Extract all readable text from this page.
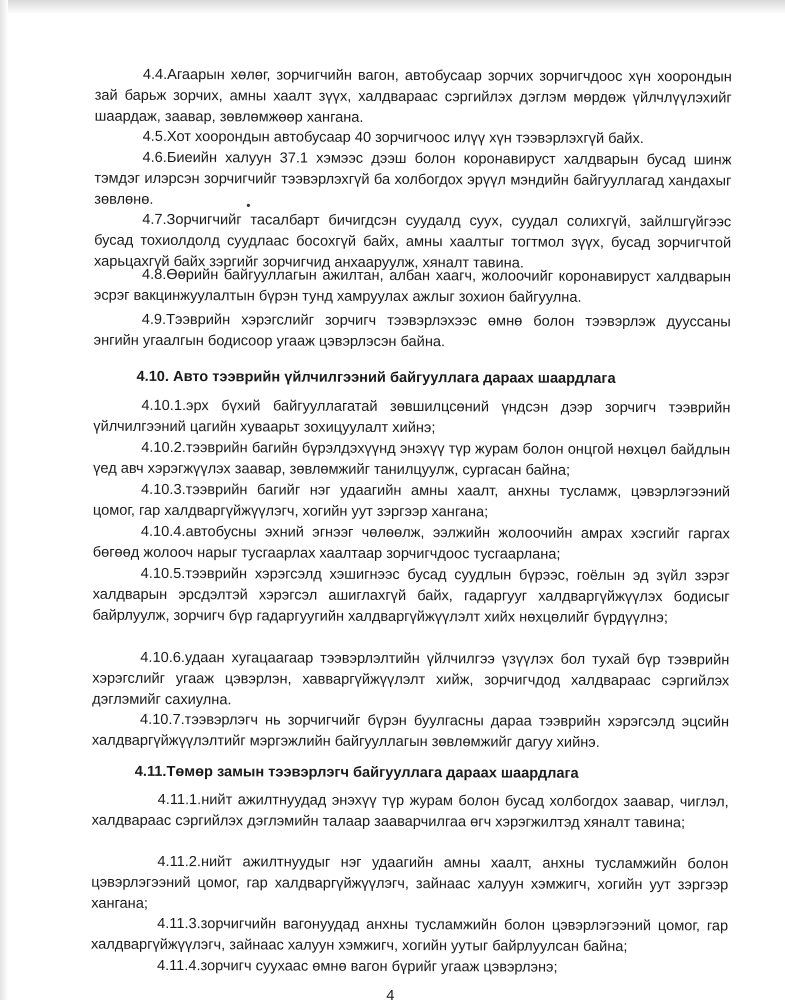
4.4.Агаарын хөлөг, зорчигчийн вагон, автобусаар зорчих зорчигчдоос хүн хоорондын зай барьж зорчих, амны хаалт зүүх, халдвараас сэргийлэх дэглэм мөрдөж үйлчлүүлэхийг шаардаж, заавар, зөвлөмжөөр хангана.

4.5.Хот хоорондын автобусаар 40 зорчигчоос илүү хүн тээвэрлэхгүй байх.

4.6.Биеийн халуун 37.1 хэмээс дээш болон коронавируст халдварын бусад шинж тэмдэг илэрсэн зорчигчийг тээвэрлэхгүй ба холбогдох эрүүл мэндийн байгууллагад хандахыг зөвлөнө.

4.7.Зорчигчийг тасалбарт бичигдсэн суудалд суух, суудал солихгүй, зайлшгүйгээс бусад тохиолдолд суудлаас босохгүй байх, амны хаалтыг тогтмол зүүх, бусад зорчигчтой харьцахгүй байх зэргийг зорчигчид анхааруулж, хяналт тавина.

4.8.Өөрийн байгууллагын ажилтан, албан хаагч, жолоочийг коронавируст халдварын эсрэг вакцинжуулалтын бүрэн тунд хамруулах ажлыг зохион байгуулна.

4.9.Тээврийн хэрэгслийг зорчигч тээвэрлэхээс өмнө болон тээвэрлэж дууссаны энгийн угаалгын бодисоор угааж цэвэрлэсэн байна.

4.10. Авто тээврийн үйлчилгээний байгууллага дараах шаардлага

4.10.1.эрх бүхий байгууллагатай зөвшилцсөний үндсэн дээр зорчигч тээврийн үйлчилгээний цагийн хуваарьт зохицуулалт хийнэ;

4.10.2.тээврийн багийн бүрэлдэхүүнд энэхүү түр журам болон онцгой нөхцөл байдлын үед авч хэрэгжүүлэх заавар, зөвлөмжийг танилцуулж, сургасан байна;

4.10.3.тээврийн багийг нэг удаагийн амны хаалт, анхны тусламж, цэвэрлэгээний цомог, гар халдваргүйжүүлэгч, хогийн уут зэргээр хангана;

4.10.4.автобусны эхний эгнээг чөлөөлж, ээлжийн жолоочийн амрах хэсгийг гаргах бөгөөд жолооч нарыг тусгаарлах хаалтаар зорчигчдоос тусгаарлана;

4.10.5.тээврийн хэрэгсэлд хэшигнээс бусад суудлын бүрээс, гоёлын эд зүйл зэрэг халдварын эрсдэлтэй хэрэгсэл ашиглахгүй байх, гадаргууг халдваргүйжүүлэх бодисыг байрлуулж, зорчигч бүр гадаргуугийн халдваргүйжүүлэлт хийх нөхцөлийг бүрдүүлнэ;

4.10.6.удаан хугацаагаар тээвэрлэлтийн үйлчилгээ үзүүлэх бол тухай бүр тээврийн хэрэгслийг угааж цэвэрлэн, хавваргүйжүүлэлт хийж, зорчигчдод халдвараас сэргийлэх дэглэмийг сахиулна.

4.10.7.тээвэрлэгч нь зорчигчийг бүрэн буулгасны дараа тээврийн хэрэгсэлд эцсийн халдваргүйжүүлэлтийг мэргэжлийн байгууллагын зөвлөмжийг дагуу хийнэ.

4.11.Төмөр замын тээвэрлэгч байгууллага дараах шаардлага

4.11.1.нийт ажилтнуудад энэхүү түр журам болон бусад холбогдох заавар, чиглэл, халдвараас сэргийлэх дэглэмийн талаар зааварчилгаа өгч хэрэгжилтэд хяналт тавина;

4.11.2.нийт ажилтнуудыг нэг удаагийн амны хаалт, анхны тусламжийн болон цэвэрлэгээний цомог, гар халдваргүйжүүлэгч, зайнаас халуун хэмжигч, хогийн уут зэргээр хангана;

4.11.3.зорчигчийн вагонуудад анхны тусламжийн болон цэвэрлэгээний цомог, гар халдваргүйжүүлэгч, зайнаас халуун хэмжигч, хогийн уутыг байрлуулсан байна;

4.11.4.зорчигч суухаас өмнө вагон бүрийг угааж цэвэрлэнэ;

•
4
